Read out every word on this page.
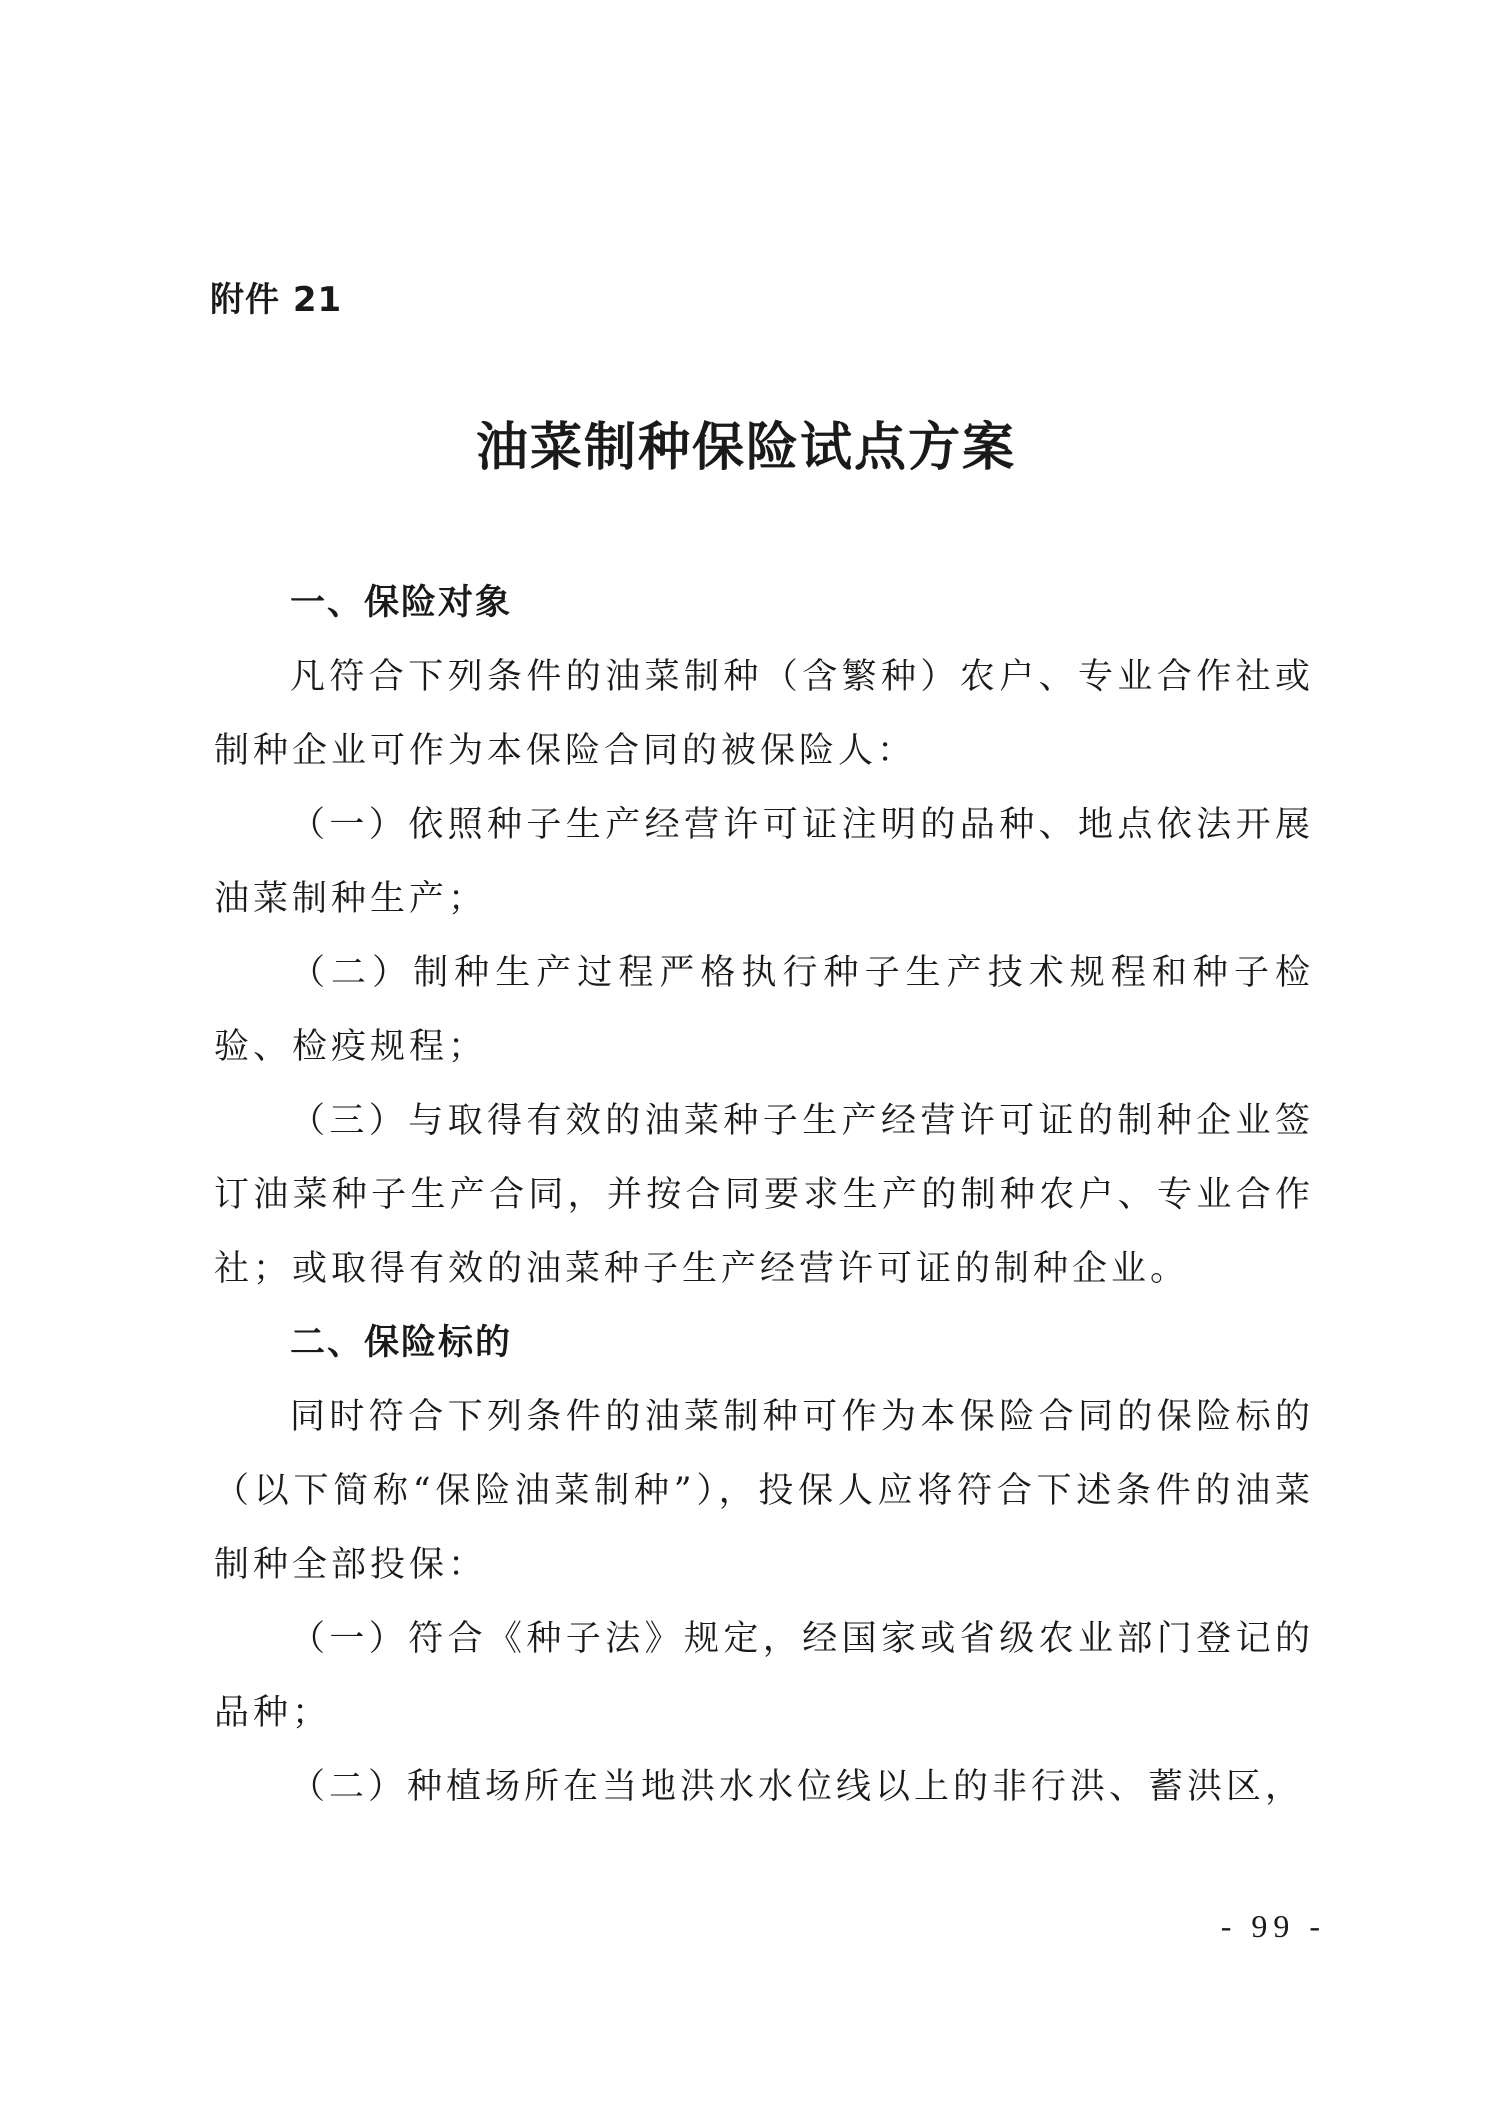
附件 21
油菜制种保险试点方案

一、保险对象

凡符合下列条件的油菜制种（含繁种）农户、专业合作社或制种企业可作为本保险合同的被保险人：

（一）依照种子生产经营许可证注明的品种、地点依法开展油菜制种生产；

（二）制种生产过程严格执行种子生产技术规程和种子检验、检疫规程；

（三）与取得有效的油菜种子生产经营许可证的制种企业签订油菜种子生产合同，并按合同要求生产的制种农户、专业合作社；或取得有效的油菜种子生产经营许可证的制种企业。

二、保险标的

同时符合下列条件的油菜制种可作为本保险合同的保险标的（以下简称“保险油菜制种”），投保人应将符合下述条件的油菜制种全部投保：

（一）符合《种子法》规定，经国家或省级农业部门登记的品种；

（二）种植场所在当地洪水水位线以上的非行洪、蓄洪区，

- 99 -
